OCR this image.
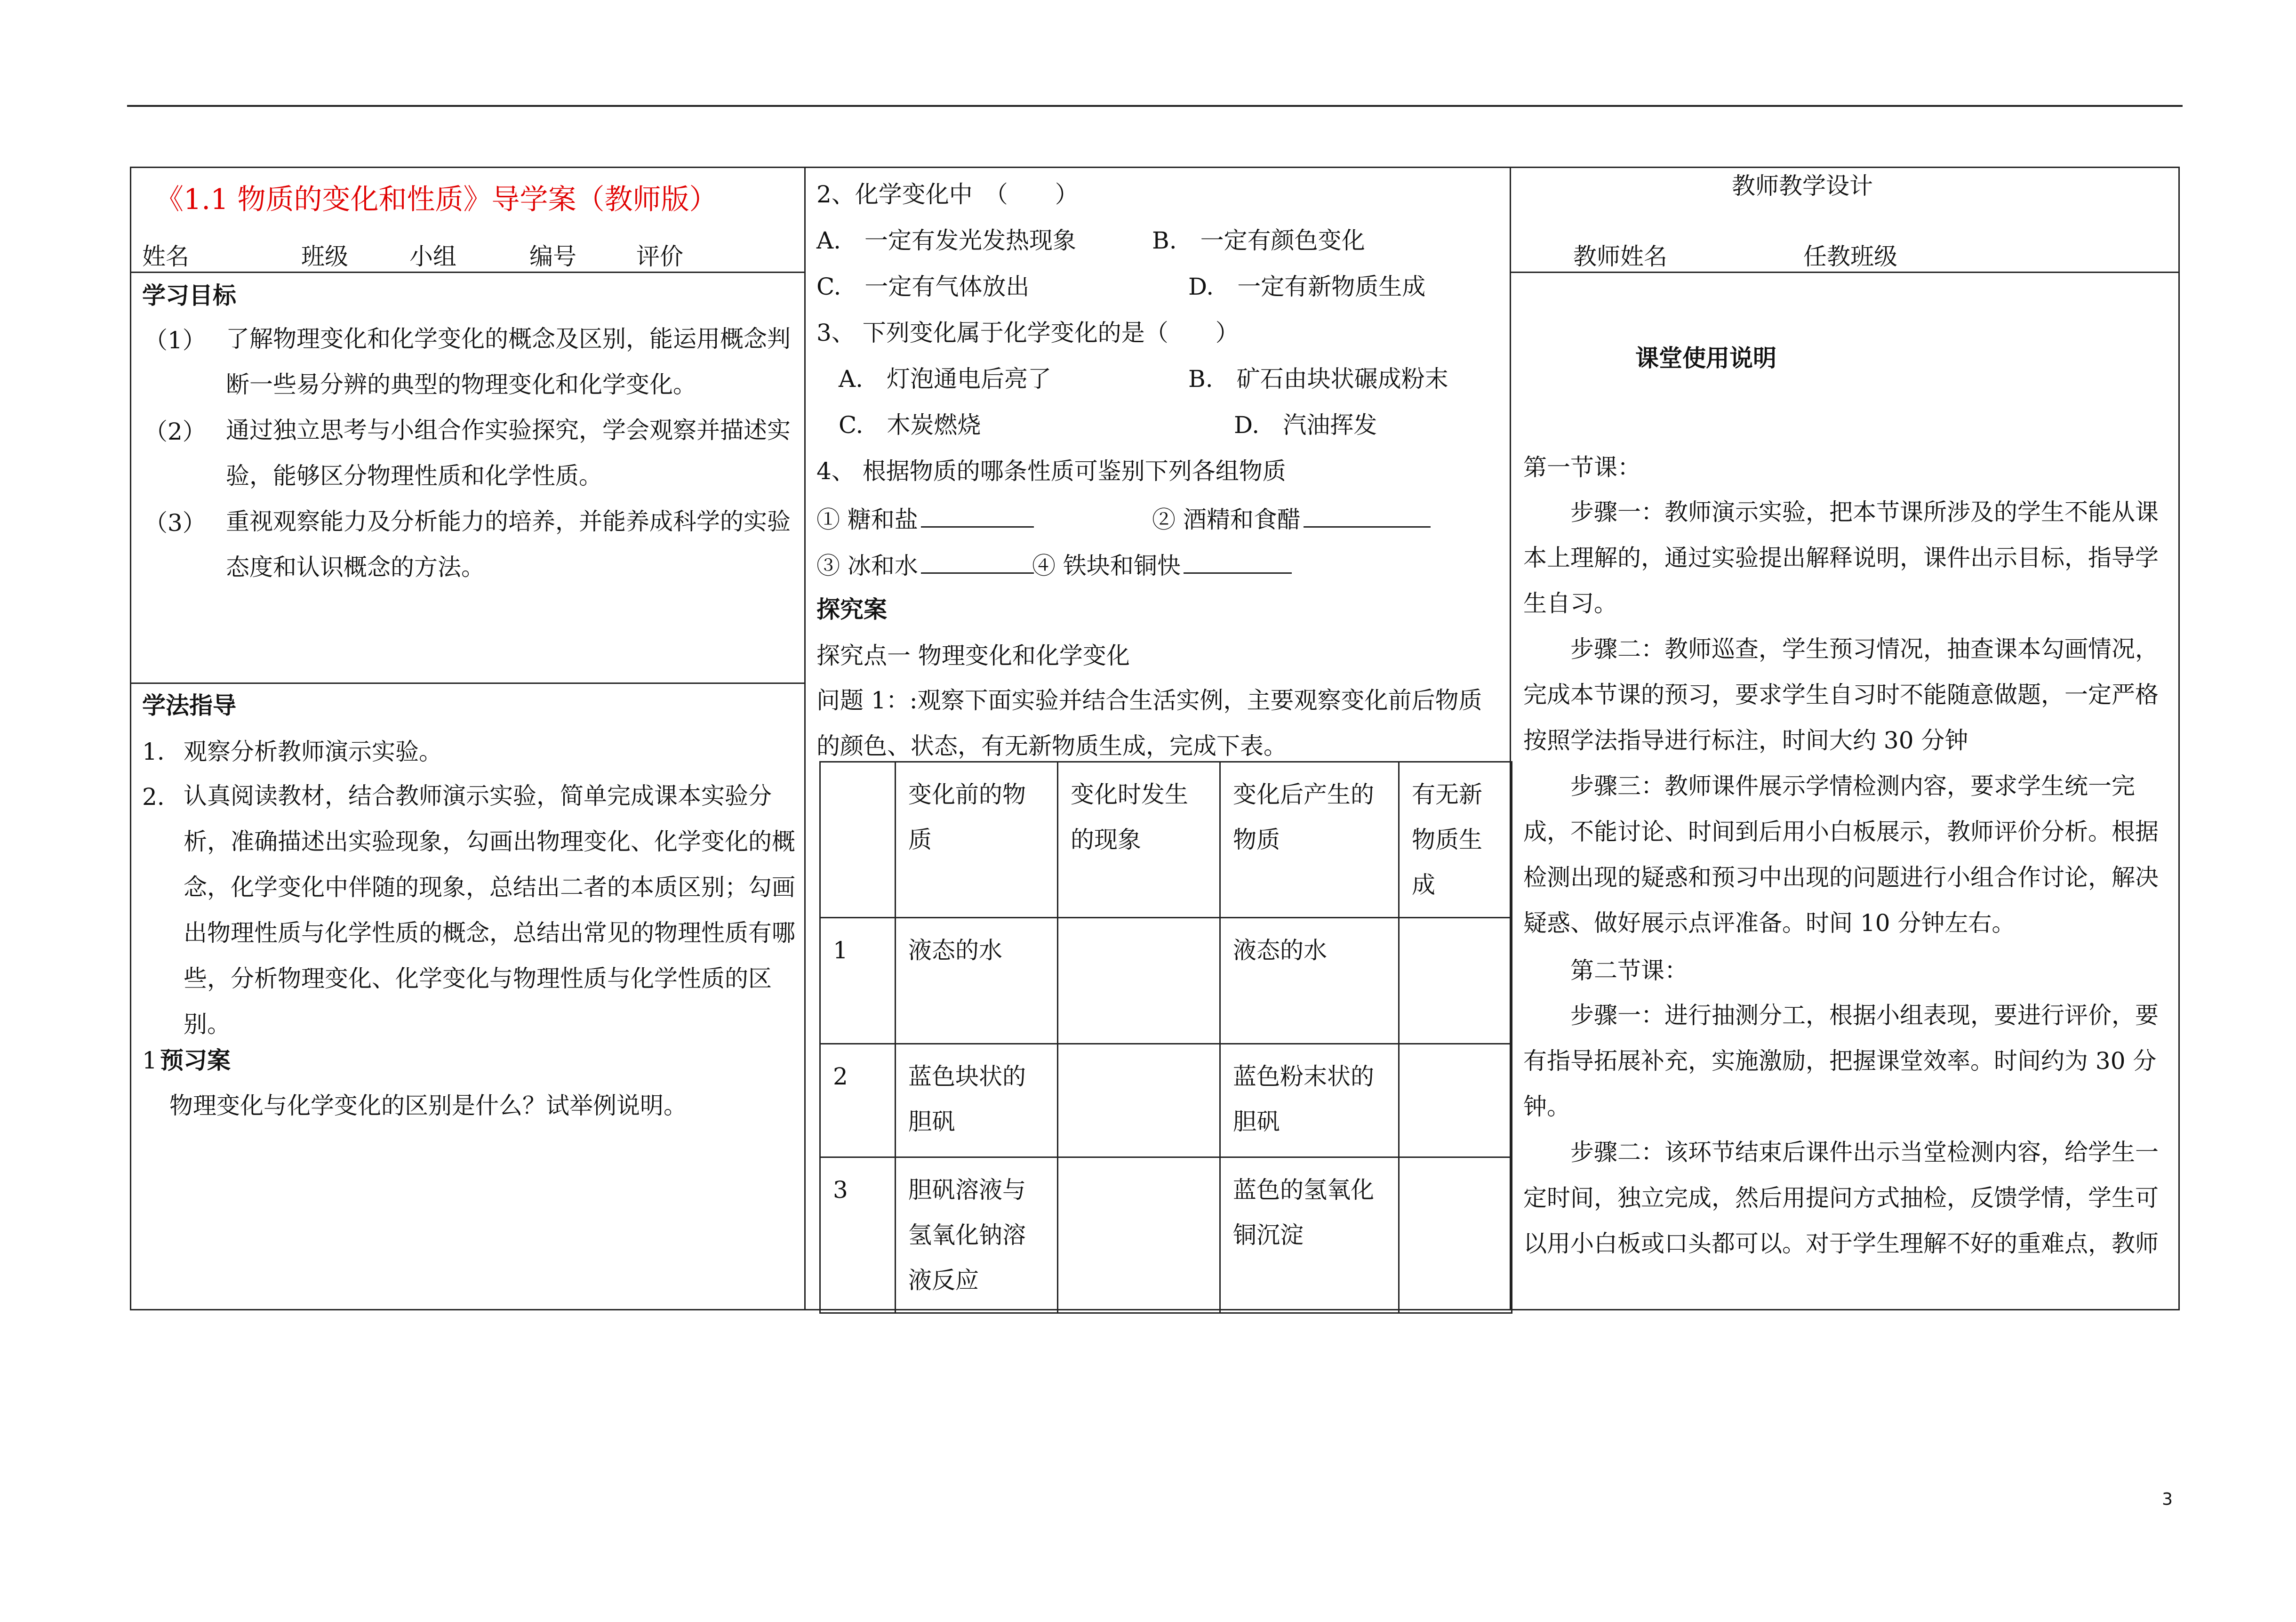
《1.1 物质的变化和性质》导学案（教师版）
姓名	班级	小组	编号	评价
学习目标
（1） 了解物理变化和化学变化的概念及区别，能运用概念判断一些易分辨的典型的物理变化和化学变化。
（2） 通过独立思考与小组合作实验探究，学会观察并描述实验，能够区分物理性质和化学性质。
（3） 重视观察能力及分析能力的培养，并能养成科学的实验态度和认识概念的方法。
学法指导
1. 观察分析教师演示实验。
2. 认真阅读教材，结合教师演示实验，简单完成课本实验分析，准确描述出实验现象，勾画出物理变化、化学变化的概念，化学变化中伴随的现象，总结出二者的本质区别；勾画出物理性质与化学性质的概念，总结出常见的物理性质有哪些，分析物理变化、化学变化与物理性质与化学性质的区别。
1 预习案
物理变化与化学变化的区别是什么？试举例说明。
2、化学变化中　（　　）
A.　一定有发光发热现象	B.　一定有颜色变化
C.　一定有气体放出	D.　一定有新物质生成
3、 下列变化属于化学变化的是（　　）
A.　灯泡通电后亮了	B.　矿石由块状碾成粉末
C.　木炭燃烧	D.　汽油挥发
4、 根据物质的哪条性质可鉴别下列各组物质
① 糖和盐	② 酒精和食醋
③ 冰和水	④ 铁块和铜快
探究案
探究点一 物理变化和化学变化
问题 1：:观察下面实验并结合生活实例，主要观察变化前后物质的颜色、状态，有无新物质生成，完成下表。
	变化前的物质	变化时发生的现象	变化后产生的物质	有无新物质生成
1	液态的水		液态的水	
2	蓝色块状的胆矾		蓝色粉末状的胆矾	
3	胆矾溶液与氢氧化钠溶液反应		蓝色的氢氧化铜沉淀	
教师教学设计
教师姓名	任教班级
课堂使用说明
第一节课：
步骤一：教师演示实验，把本节课所涉及的学生不能从课本上理解的，通过实验提出解释说明，课件出示目标，指导学生自习。
步骤二：教师巡查，学生预习情况，抽查课本勾画情况，完成本节课的预习，要求学生自习时不能随意做题，一定严格按照学法指导进行标注，时间大约 30 分钟
步骤三：教师课件展示学情检测内容，要求学生统一完成，不能讨论、时间到后用小白板展示，教师评价分析。根据检测出现的疑惑和预习中出现的问题进行小组合作讨论，解决疑惑、做好展示点评准备。时间 10 分钟左右。
第二节课：
步骤一：进行抽测分工，根据小组表现，要进行评价，要有指导拓展补充，实施激励，把握课堂效率。时间约为 30 分钟。
步骤二：该环节结束后课件出示当堂检测内容，给学生一定时间，独立完成，然后用提问方式抽检，反馈学情，学生可以用小白板或口头都可以。对于学生理解不好的重难点，教师
3
